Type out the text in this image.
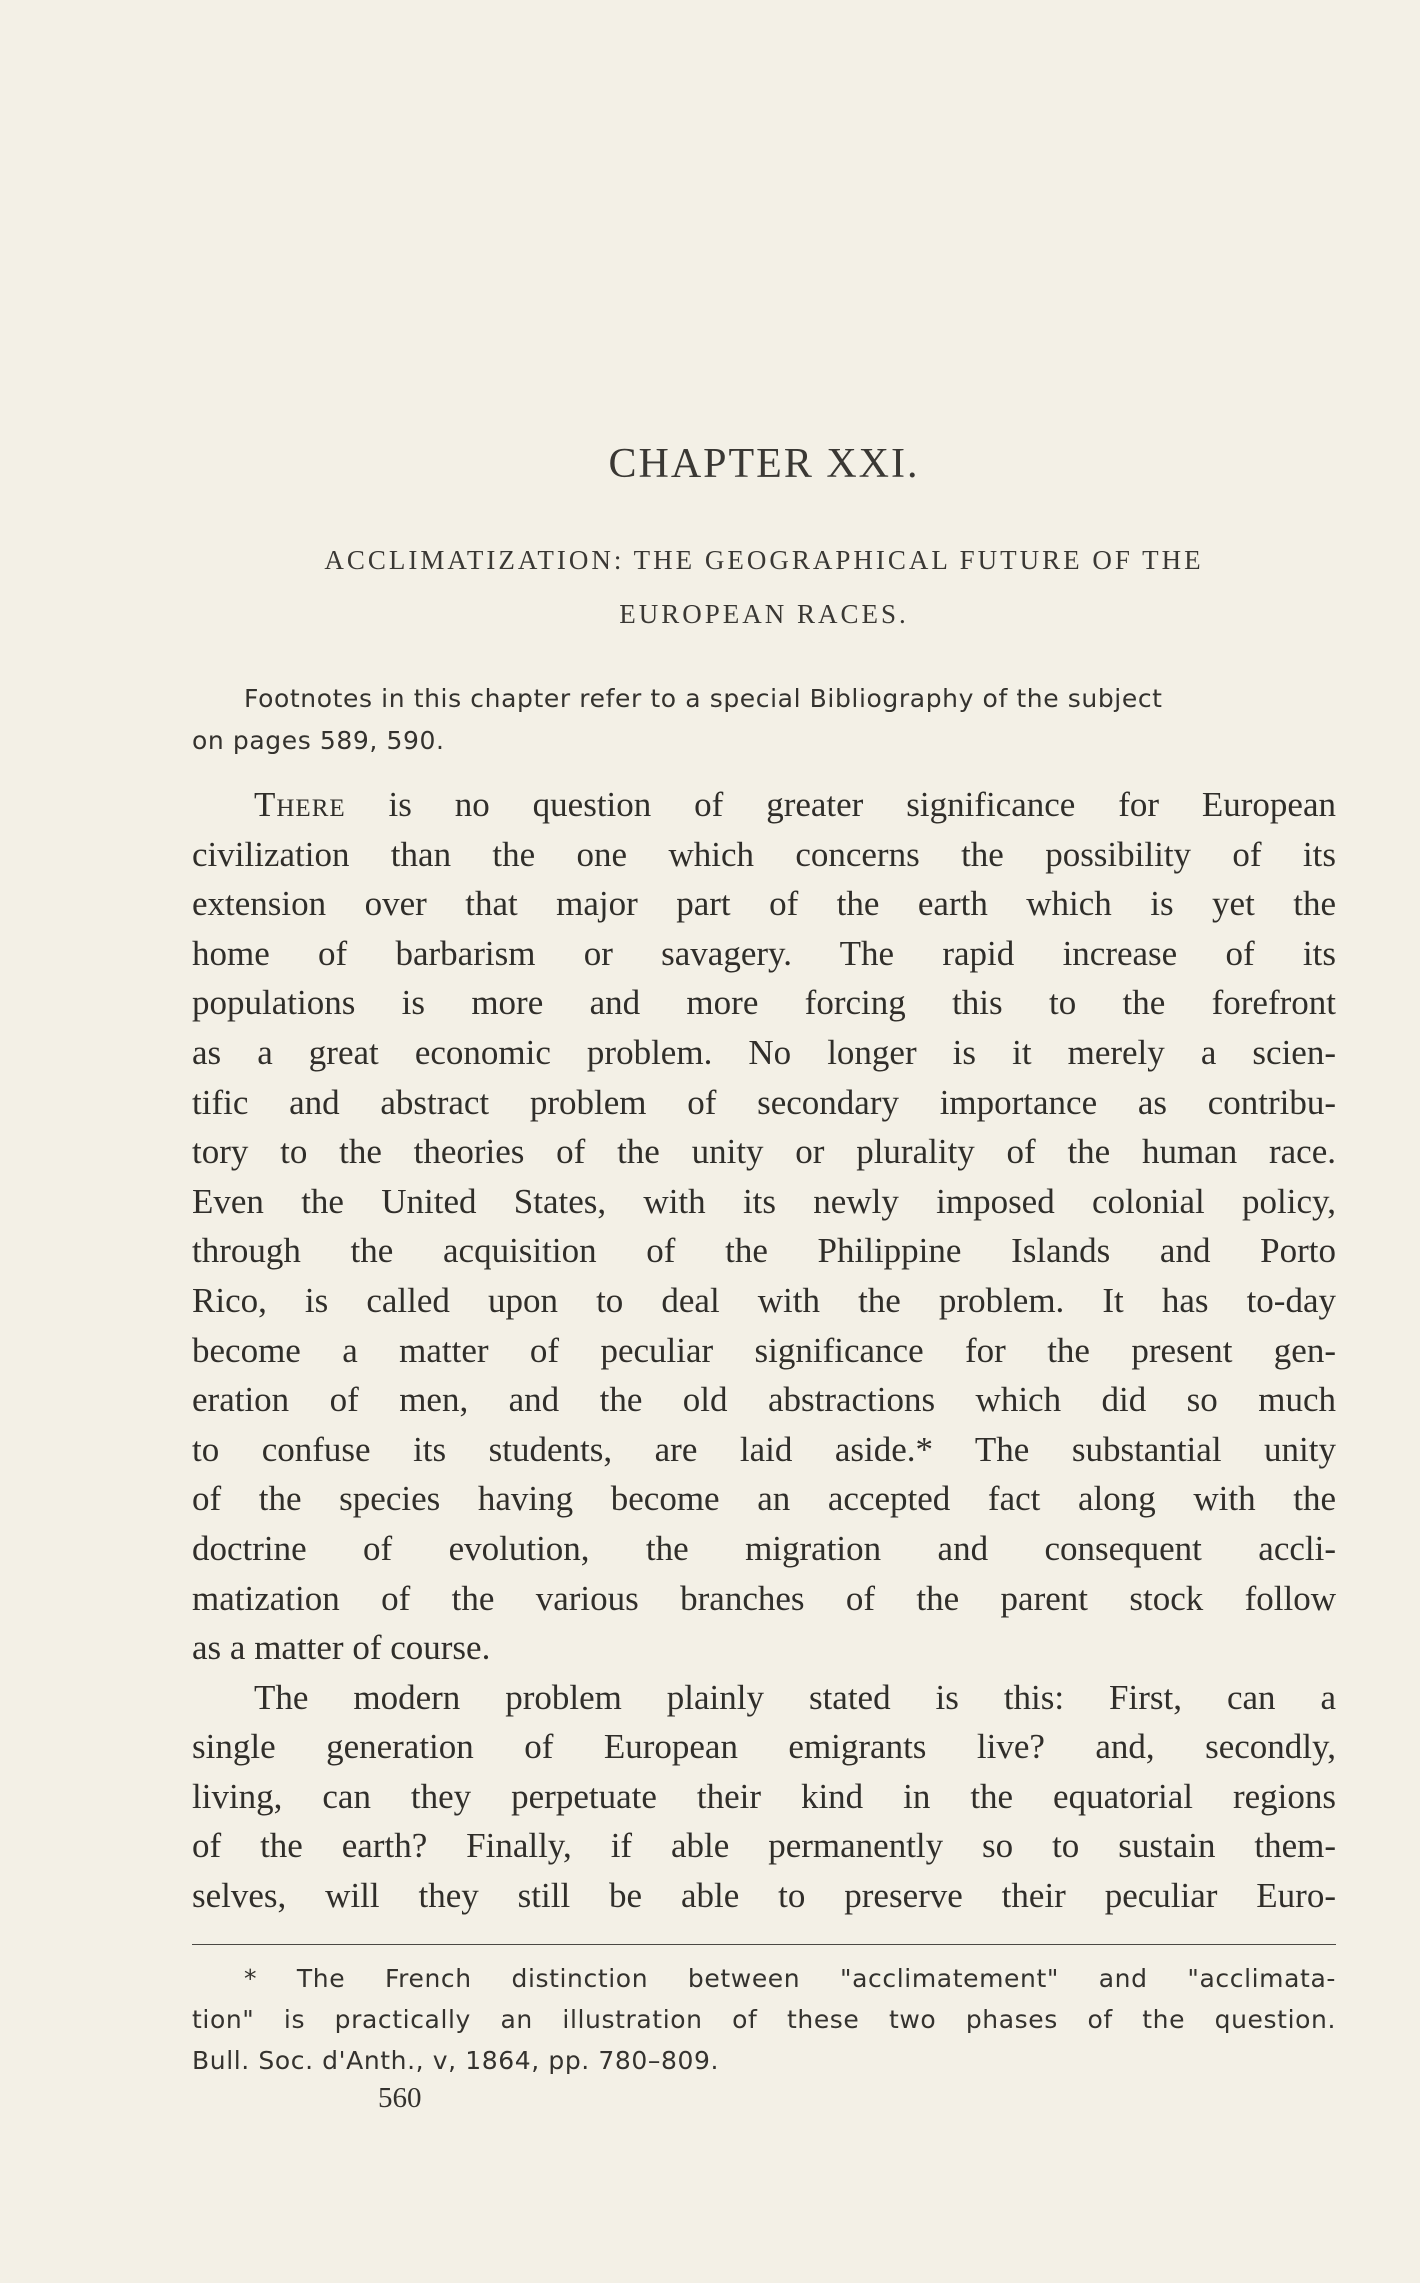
CHAPTER XXI.
ACCLIMATIZATION: THE GEOGRAPHICAL FUTURE OF THE
EUROPEAN RACES.
Footnotes in this chapter refer to a special Bibliography of the subject
on pages 589, 590.
There is no question of greater significance for European
civilization than the one which concerns the possibility of its
extension over that major part of the earth which is yet the
home of barbarism or savagery. The rapid increase of its
populations is more and more forcing this to the forefront
as a great economic problem. No longer is it merely a scien-
tific and abstract problem of secondary importance as contribu-
tory to the theories of the unity or plurality of the human race.
Even the United States, with its newly imposed colonial policy,
through the acquisition of the Philippine Islands and Porto
Rico, is called upon to deal with the problem. It has to-day
become a matter of peculiar significance for the present gen-
eration of men, and the old abstractions which did so much
to confuse its students, are laid aside.* The substantial unity
of the species having become an accepted fact along with the
doctrine of evolution, the migration and consequent accli-
matization of the various branches of the parent stock follow
as a matter of course.
The modern problem plainly stated is this: First, can a
single generation of European emigrants live? and, secondly,
living, can they perpetuate their kind in the equatorial regions
of the earth? Finally, if able permanently so to sustain them-
selves, will they still be able to preserve their peculiar Euro-
* The French distinction between "acclimatement" and "acclimata-
tion" is practically an illustration of these two phases of the question.
Bull. Soc. d'Anth., v, 1864, pp. 780–809.
560
